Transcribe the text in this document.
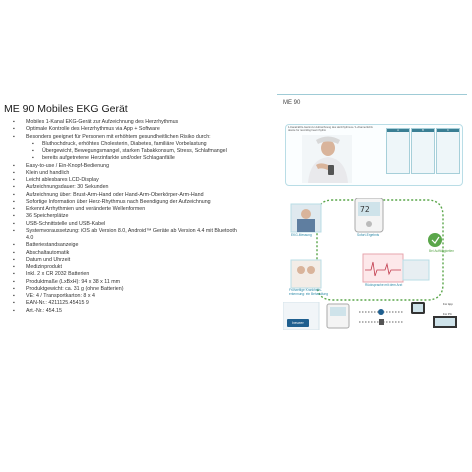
ME 90 Mobiles EKG Gerät
▪ Mobiles 1-Kanal EKG-Gerät zur Aufzeichnung des Herzrhythmus
▪ Optimale Kontrolle des Herzrhythmus via App + Software
▪ Besonders geeignet für Personen mit erhöhtem gesundheitlichen Risiko durch:
▪ Bluthochdruck, erhöhtes Cholesterin, Diabetes, familiäre Vorbelastung
▪ Übergewicht, Bewegungsmangel, starken Tabakkonsum, Stress, Schlafmangel
▪ bereits aufgetretene Herzinfarkte und/oder Schlaganfälle
▪ Easy-to-use / Ein-Knopf-Bedienung
▪ Klein und handlich
▪ Leicht ablesbares LCD-Display
▪ Aufzeichnungsdauer: 30 Sekunden
▪ Aufzeichnung über: Brust-Arm-Hand oder Hand-Arm-Oberkörper-Arm-Hand
▪ Sofortige Information über Herz-Rhythmus nach Beendigung der Aufzeichnung
▪ Erkennt Arrhythmien und veränderte Wellenformen
▪ 36 Speicherplätze
▪ USB-Schnittstelle und USB-Kabel
▪ Systemvoraussetzung: iOS ab Version 8.0, Android™ Geräte ab Version 4.4 mit Bluetooth
4.0
▪ Batteriestandsanzeige
▪ Abschaltautomatik
▪ Datum und Uhrzeit
▪ Medizinprodukt
▪ Inkl. 2 x CR 2032 Batterien
▪ Produktmaße (LxBxH): 94 x 38 x 11 mm
▪ Produktgewicht: ca. 31 g (ohne Batterien)
▪ VE: 4 / Transportkarton: 8 x 4
▪ EAN-Nr.: 4211125.45415 9
▪ Art.-Nr.: 454.15
ME 90
1-Kanal EKG-Gerät zur Aufzeichnung des Herzrhythmus / 1-channel ECG device for recording heart rhythm	A	B	C
72
EKG-Messung	Sofort-Ergebnis
Bei Auffälligkeiten
Frühzeitige Krankheits-erkennung: ein Behandlung
Rücksprache mit dem Arzt
beurer
For App
For PC
